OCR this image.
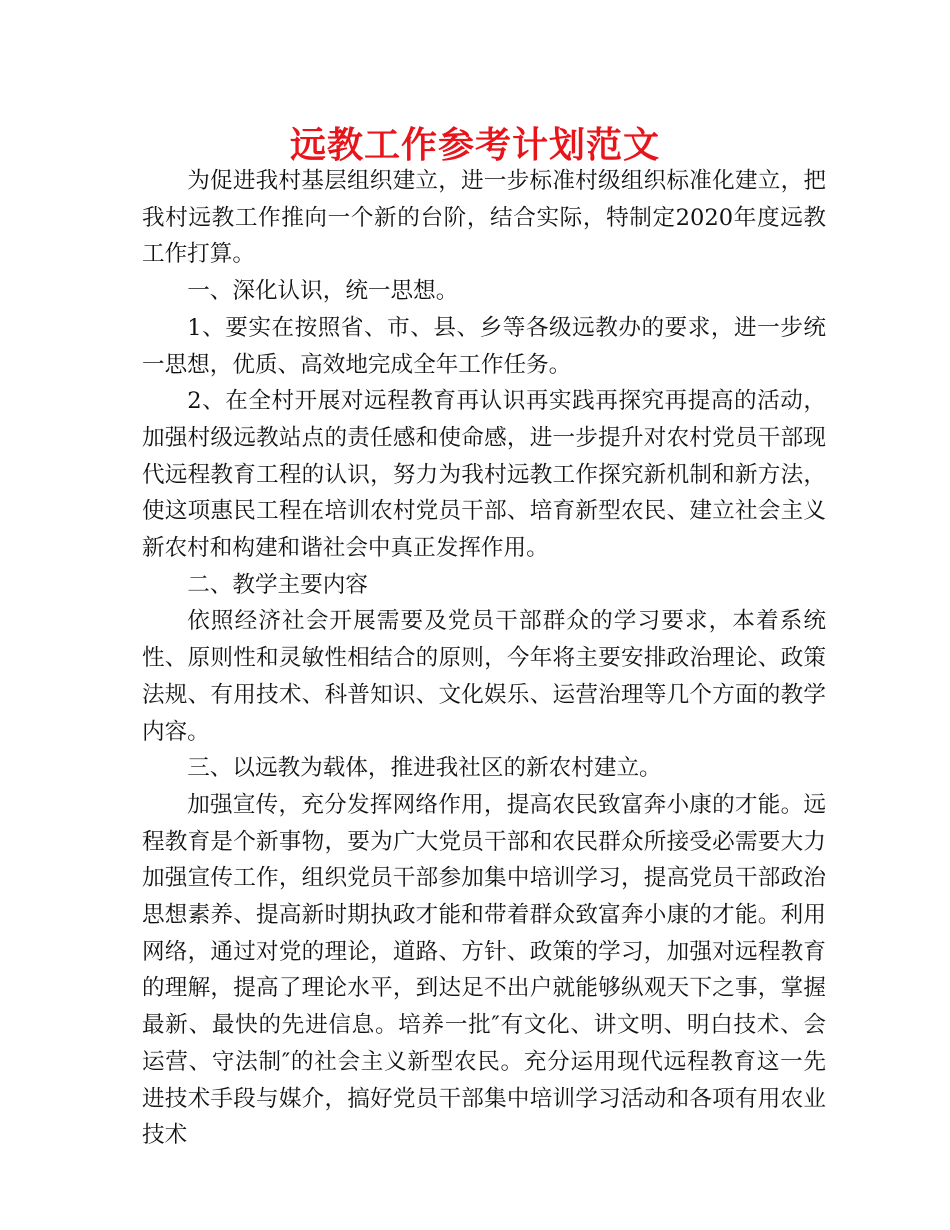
远教工作参考计划范文

为促进我村基层组织建立，进一步标准村级组织标准化建立，把我村远教工作推向一个新的台阶，结合实际，特制定2020年度远教工作打算。

一、深化认识，统一思想。

1、要实在按照省、市、县、乡等各级远教办的要求，进一步统一思想，优质、高效地完成全年工作任务。

2、在全村开展对远程教育再认识再实践再探究再提高的活动，加强村级远教站点的责任感和使命感，进一步提升对农村党员干部现代远程教育工程的认识，努力为我村远教工作探究新机制和新方法，使这项惠民工程在培训农村党员干部、培育新型农民、建立社会主义新农村和构建和谐社会中真正发挥作用。

二、教学主要内容

依照经济社会开展需要及党员干部群众的学习要求，本着系统性、原则性和灵敏性相结合的原则，今年将主要安排政治理论、政策法规、有用技术、科普知识、文化娱乐、运营治理等几个方面的教学内容。

三、以远教为载体，推进我社区的新农村建立。

加强宣传，充分发挥网络作用，提高农民致富奔小康的才能。远程教育是个新事物，要为广大党员干部和农民群众所接受必需要大力加强宣传工作，组织党员干部参加集中培训学习，提高党员干部政治思想素养、提高新时期执政才能和带着群众致富奔小康的才能。利用网络，通过对党的理论，道路、方针、政策的学习，加强对远程教育的理解，提高了理论水平，到达足不出户就能够纵观天下之事，掌握最新、最快的先进信息。培养一批″有文化、讲文明、明白技术、会运营、守法制″的社会主义新型农民。充分运用现代远程教育这一先进技术手段与媒介，搞好党员干部集中培训学习活动和各项有用农业技术
